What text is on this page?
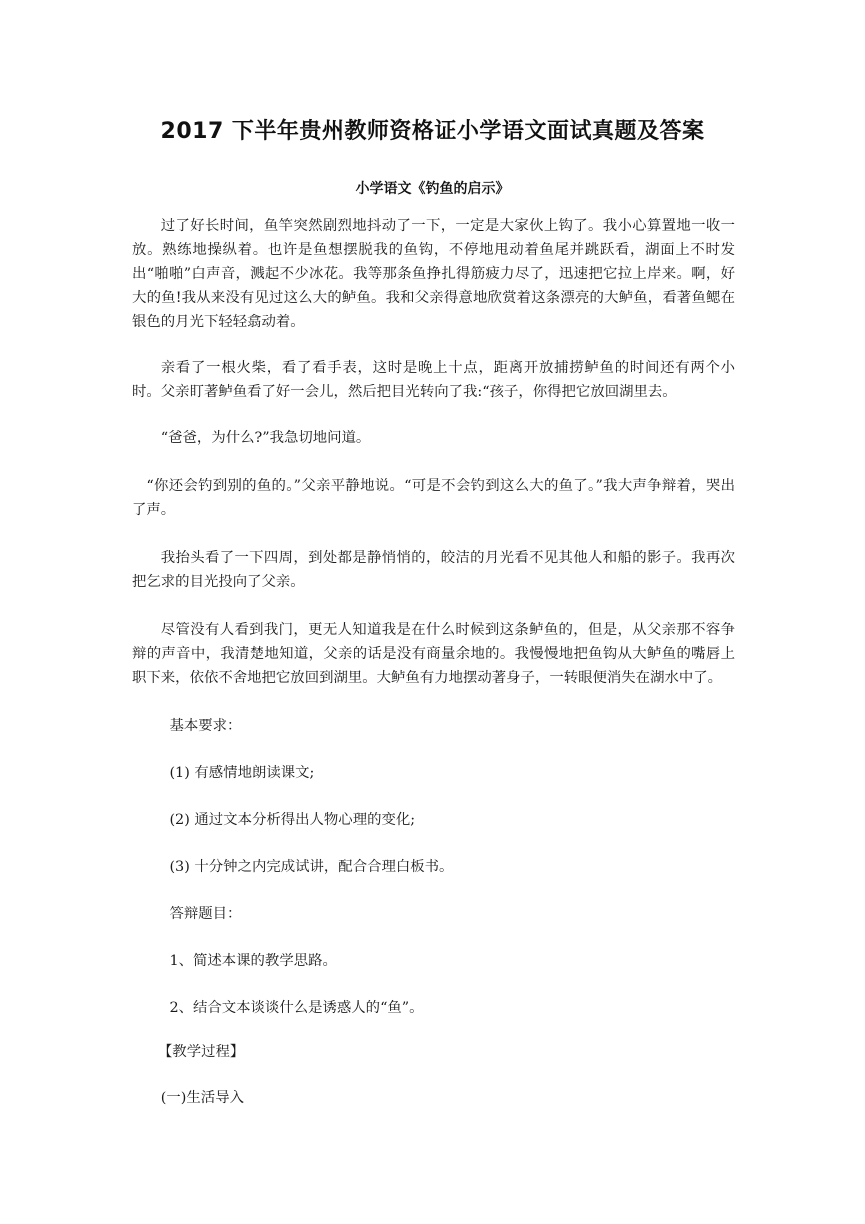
2017 下半年贵州教师资格证小学语文面试真题及答案
小学语文《钓鱼的启示》

过了好长时间，鱼竿突然剧烈地抖动了一下，一定是大家伙上钩了。我小心算置地一收一放。熟练地操纵着。也许是鱼想摆脱我的鱼钩，不停地甩动着鱼尾并跳跃看，湖面上不时发出“啪啪”白声音，溅起不少冰花。我等那条鱼挣扎得筋疲力尽了，迅速把它拉上岸来。啊，好大的鱼!我从来没有见过这么大的鲈鱼。我和父亲得意地欣赏着这条漂亮的大鲈鱼，看著鱼鳃在银色的月光下轻轻翕动着。

亲看了一根火柴，看了看手表，这时是晚上十点，距离开放捕捞鲈鱼的时间还有两个小时。父亲盯著鲈鱼看了好一会儿，然后把目光转向了我:“孩子，你得把它放回湖里去。

“爸爸，为什么?”我急切地问道。

“你还会钓到别的鱼的。”父亲平静地说。“可是不会钓到这么大的鱼了。”我大声争辩着，哭出了声。

我抬头看了一下四周，到处都是静悄悄的，皎洁的月光看不见其他人和船的影子。我再次把乞求的目光投向了父亲。

尽管没有人看到我门，更无人知道我是在什么时候到这条鲈鱼的，但是，从父亲那不容争辩的声音中，我清楚地知道，父亲的话是没有商量余地的。我慢慢地把鱼钩从大鲈鱼的嘴唇上职下来，依依不舍地把它放回到湖里。大鲈鱼有力地摆动著身子，一转眼便消失在湖水中了。

基本要求：

(1) 有感情地朗读课文;

(2) 通过文本分析得出人物心理的变化;

(3) 十分钟之内完成试讲，配合合理白板书。

答辩题目：

1、简述本课的教学思路。

2、结合文本谈谈什么是诱惑人的“鱼”。

【教学过程】

(一)生活导入
